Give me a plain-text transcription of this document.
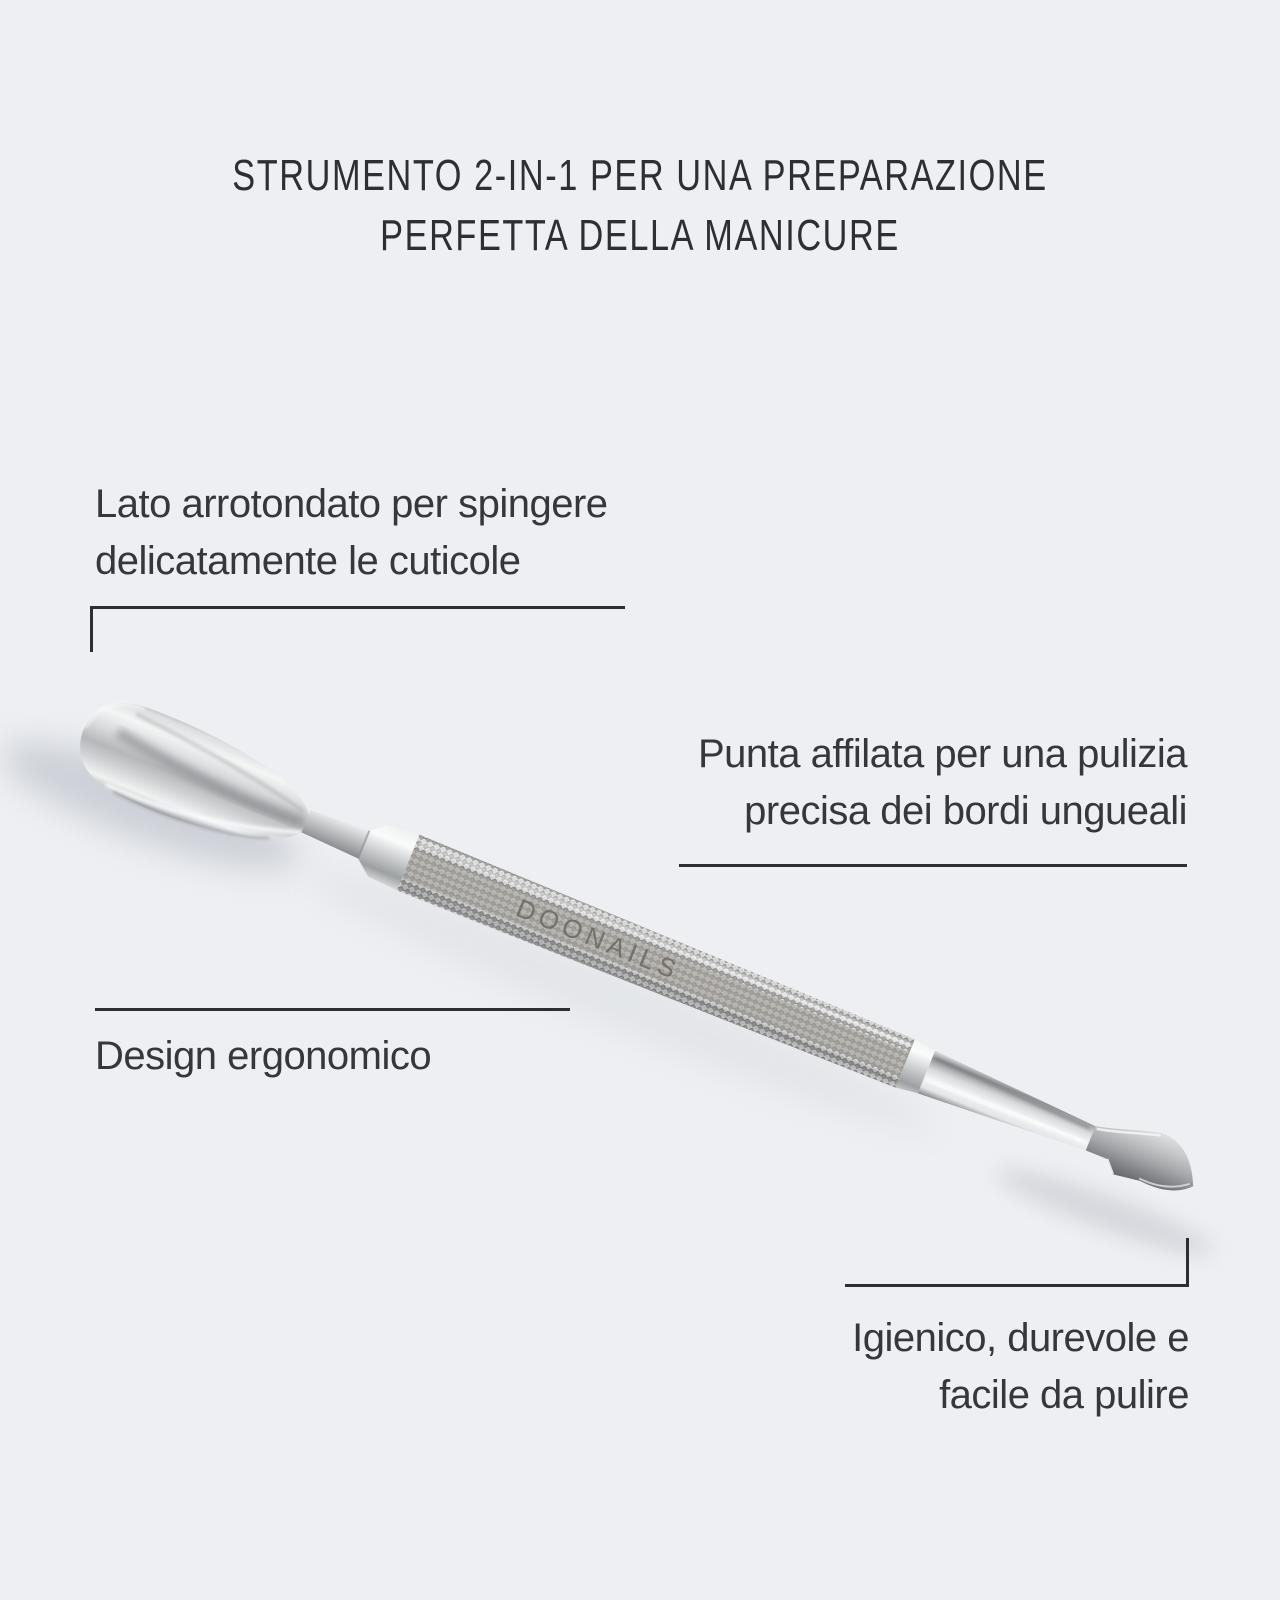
STRUMENTO 2-IN-1 PER UNA PREPARAZIONE
PERFETTA DELLA MANICURE
DOONAILS
Lato arrotondato per spingere
delicatamente le cuticole
Punta affilata per una pulizia
precisa dei bordi ungueali
Design ergonomico
Igienico, durevole e
facile da pulire
